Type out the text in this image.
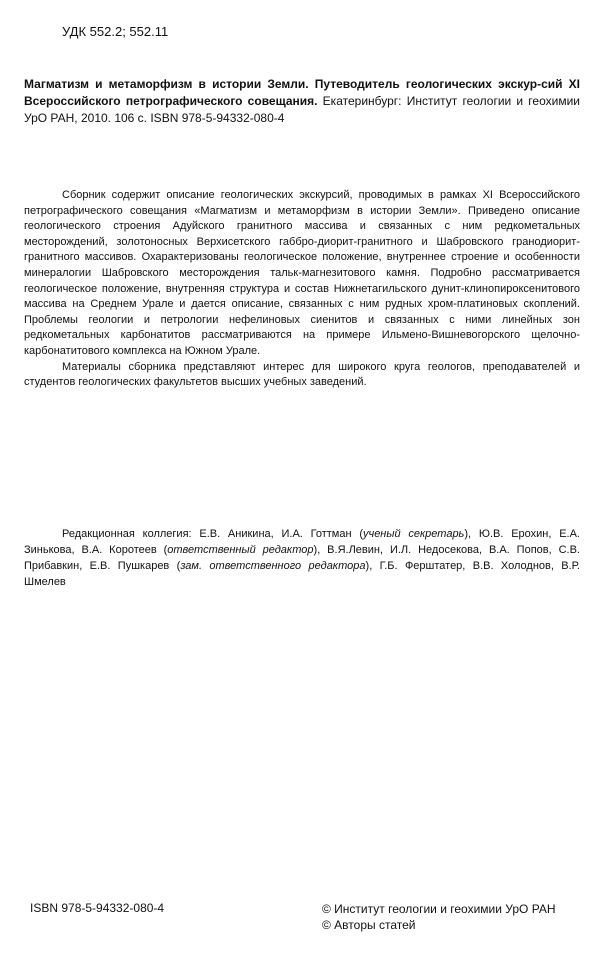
УДК 552.2; 552.11
Магматизм и метаморфизм в истории Земли. Путеводитель геологических экскур-сий XI Всероссийского петрографического совещания. Екатеринбург: Институт геологии и геохимии УрО РАН, 2010. 106 с. ISBN 978-5-94332-080-4

Сборник содержит описание геологических экскурсий, проводимых в рамках XI Всероссийского петрографического совещания «Магматизм и метаморфизм в истории Земли». Приведено описание геологического строения Адуйского гранитного массива и связанных с ним редкометальных месторождений, золотоносных Верхисетского габбро-диорит-гранитного и Шабровского гранодиорит-гранитного массивов. Охарактеризованы геологическое положение, внутреннее строение и особенности минералогии Шабровского месторождения тальк-магнезитового камня. Подробно рассматривается геологическое положение, внутренняя структура и состав Нижнетагильского дунит-клинопироксенитового массива на Среднем Урале и дается описание, связанных с ним рудных хром-платиновых скоплений. Проблемы геологии и петрологии нефелиновых сиенитов и связанных с ними линейных зон редкометальных карбонатитов рассматриваются на примере Ильмено-Вишневогорского щелочно-карбонатитового комплекса на Южном Урале.

Материалы сборника представляют интерес для широкого круга геологов, преподавателей и студентов геологических факультетов высших учебных заведений.

Редакционная коллегия: Е.В. Аникина, И.А. Готтман (ученый секретарь), Ю.В. Ерохин, Е.А. Зинькова, В.А. Коротеев (ответственный редактор), В.Я.Левин, И.Л. Недосекова, В.А. Попов, С.В. Прибавкин, Е.В. Пушкарев (зам. ответственного редактора), Г.Б. Ферштатер, В.В. Холоднов, В.Р. Шмелев
ISBN 978-5-94332-080-4	© Институт геологии и геохимии УрО РАН
© Авторы статей
